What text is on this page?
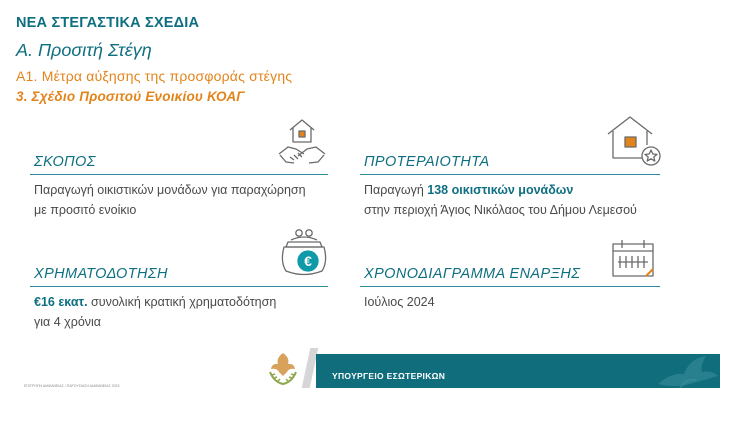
ΝΕΑ ΣΤΕΓΑΣΤΙΚΑ ΣΧΕΔΙΑ
Α. Προσιτή Στέγη
Α1. Μέτρα αύξησης της προσφοράς στέγης
3. Σχέδιο Προσιτού Ενοικίου ΚΟΑΓ
ΣΚΟΠΟΣ
Παραγωγή οικιστικών μονάδων για παραχώρηση
με προσιτό ενοίκιο
ΠΡΟΤΕΡΑΙΟΤΗΤΑ
Παραγωγή 138 οικιστικών μονάδων
στην περιοχή Άγιος Νικόλαος του Δήμου Λεμεσού
€
ΧΡΗΜΑΤΟΔΟΤΗΣΗ
€16 εκατ. συνολική κρατική χρηματοδότηση
για 4 χρόνια
ΧΡΟΝΟΔΙΑΓΡΑΜΜΑ ΕΝΑΡΞΗΣ
Ιούλιος 2024
ΥΠΟΥΡΓΕΙΟ ΕΣΩΤΕΡΙΚΩΝ
ΕΠΙΤΡΟΠΗ ΔΙΑΦΑΝΕΙΑΣ / ΠΑΡΟΥΣΙΑΣΗ ΔΙΑΦΑΝΕΙΑΣ 2023
